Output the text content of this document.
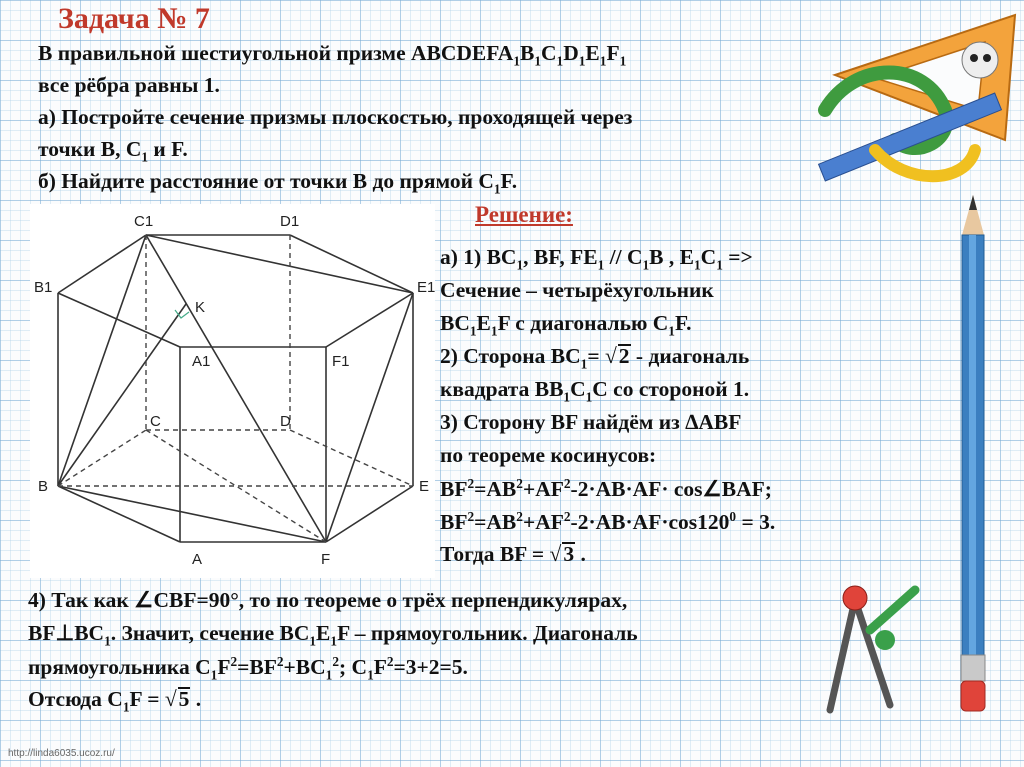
Задача № 7
В правильной шестиугольной призме $ABCDEFA_1B_1C_1D_1E_1F_1$
все рёбра равны 1.
а) Постройте сечение призмы плоскостью, проходящей через
точки B, $C_1$ и F.
б) Найдите расстояние от точки B до прямой $C_1F$.
C1	D1
B1	E1
K
A1	F1
C	D
B	E
A	F
Решение:
а) 1) $BC_1$, BF, $FE_1 // C_1B$ , $E_1C_1$ =>
Сечение – четырёхугольник
$BC_1E_1F$ с диагональю $C_1F$.
2) Сторона $BC_1= √2$ - диагональ
квадрата $BB_1C_1C$ со стороной 1.
3) Сторону BF найдём из ∆ABF
по теореме косинусов:
$BF^2=AB^2+AF^2-2\cdot AB\cdot AF\cdot$ cos∠BAF;
$BF^2=AB^2+AF^2-2\cdot AB\cdot AF\cdot\cos 120^0 = 3$.
Тогда BF = √3 .
4) Так как ∠CBF=90°, то по теореме о трёх перпендикулярах,
$BF\perp BC_1$. Значит, сечение $BC_1E_1F$ – прямоугольник. Диагональ
прямоугольника $C_1F^2=BF^2+BC_1^2$; $C_1F^2=3+2=5$.
Отсюда $C_1F = √5$ .
http://linda6035.ucoz.ru/
